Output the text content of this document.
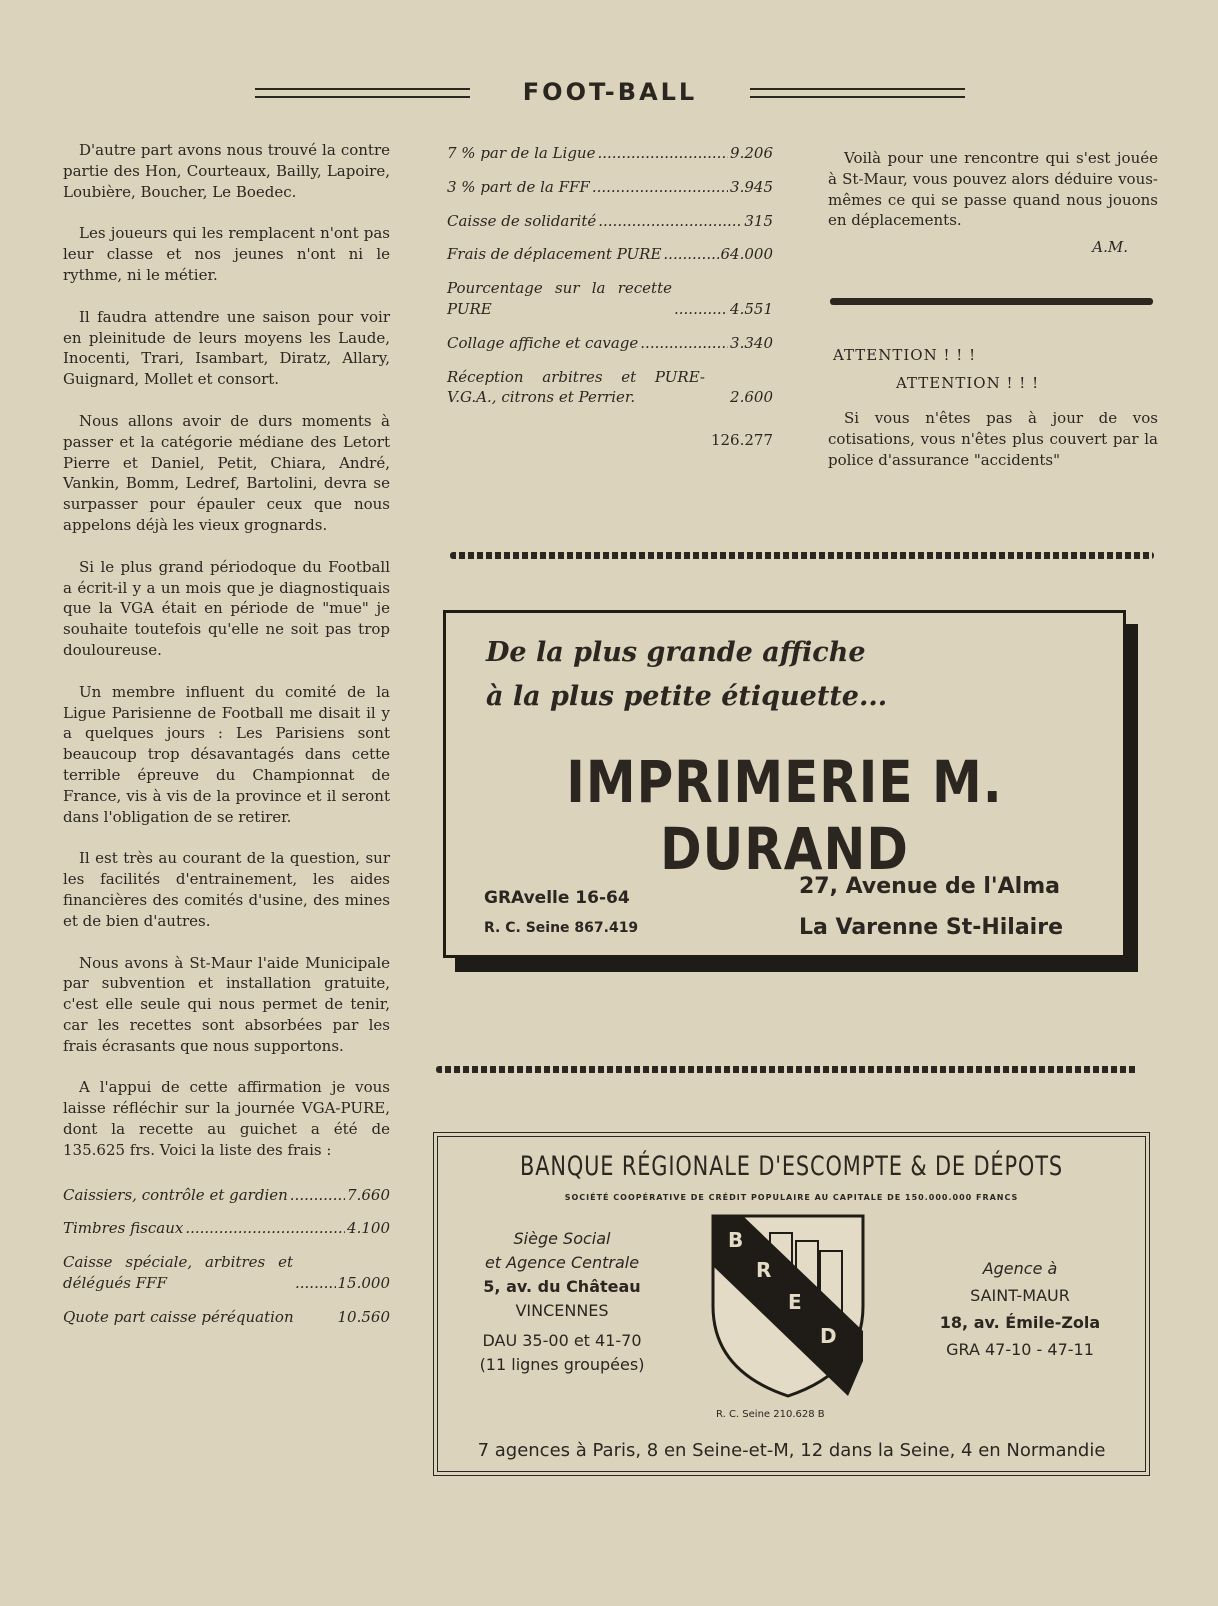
FOOT-BALL

D'autre part avons nous trouvé la contre partie des Hon, Courteaux, Bailly, Lapoire, Loubière, Boucher, Le Boedec.

Les joueurs qui les remplacent n'ont pas leur classe et nos jeunes n'ont ni le rythme, ni le métier.

Il faudra attendre une saison pour voir en pleinitude de leurs moyens les Laude, Inocenti, Trari, Isambart, Diratz, Allary, Guignard, Mollet et consort.

Nous allons avoir de durs moments à passer et la catégorie médiane des Letort Pierre et Daniel, Petit, Chiara, André, Vankin, Bomm, Ledref, Bartolini, devra se surpasser pour épauler ceux que nous appelons déjà les vieux grognards.

Si le plus grand périodoque du Football a écrit-il y a un mois que je diagnostiquais que la VGA était en période de "mue" je souhaite toutefois qu'elle ne soit pas trop douloureuse.

Un membre influent du comité de la Ligue Parisienne de Football me disait il y a quelques jours : Les Parisiens sont beaucoup trop désavantagés dans cette terrible épreuve du Championnat de France, vis à vis de la province et il seront dans l'obligation de se retirer.

Il est très au courant de la question, sur les facilités d'entrainement, les aides financières des comités d'usine, des mines et de bien d'autres.

Nous avons à St-Maur l'aide Municipale par subvention et installation gratuite, c'est elle seule qui nous permet de tenir, car les recettes sont absorbées par les frais écrasants que nous supportons.

A l'appui de cette affirmation je vous laisse réfléchir sur la journée VGA-PURE, dont la recette au guichet a été de 135.625 frs. Voici la liste des frais :

Caissiers, contrôle et gardien .....	7.660
Timbres fiscaux .....	4.100
Caisse spéciale, arbitres et délégués FFF .....	15.000
Quote part caisse péréquation	10.560
7 % par de la Ligue .....	9.206
3 % part de la FFF .....	3.945
Caisse de solidarité .....	315
Frais de déplacement PURE .....	64.000
Pourcentage sur la recette PURE .....	4.551
Collage affiche et cavage .....	3.340
Réception arbitres et PURE-V.G.A., citrons et Perrier.	2.600
126.277

Voilà pour une rencontre qui s'est jouée à St-Maur, vous pouvez alors déduire vous-mêmes ce qui se passe quand nous jouons en déplacements.

A.M.
ATTENTION ! ! !
ATTENTION ! ! !
Si vous n'êtes pas à jour de vos cotisations, vous n'êtes plus couvert par la police d'assurance "accidents"
De la plus grande affiche
à la plus petite étiquette...
IMPRIMERIE M. DURAND
GRAvelle 16-64
R. C. Seine 867.419
27, Avenue de l'Alma
La Varenne St-Hilaire
BANQUE RÉGIONALE D'ESCOMPTE & DE DÉPOTS
SOCIÉTÉ COOPÉRATIVE DE CRÉDIT POPULAIRE AU CAPITALE DE 150.000.000 FRANCS
Siège Social
et Agence Centrale
5, av. du Château
VINCENNES
DAU 35-00 et 41-70
(11 lignes groupées)
B
R
E
D
R. C. Seine 210.628 B
Agence à
SAINT-MAUR
18, av. Émile-Zola
GRA 47-10 - 47-11
7 agences à Paris, 8 en Seine-et-M, 12 dans la Seine, 4 en Normandie
